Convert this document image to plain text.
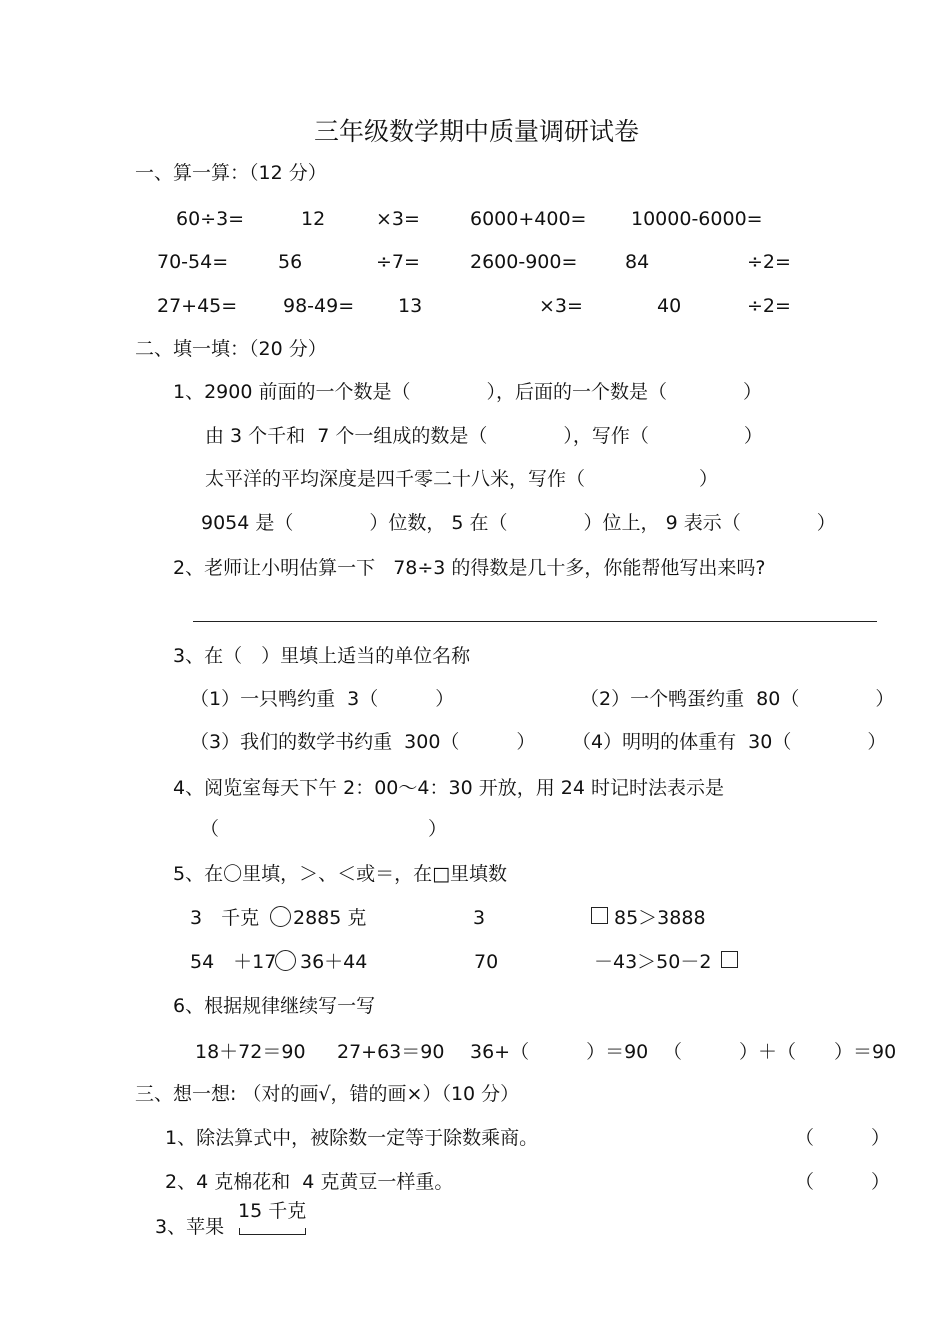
三年级数学期中质量调研试卷
一、算一算：（12 分）
60÷3=	12	×3=	6000+400= 10000-6000=
70-54=	56	÷7=	2600-900=	84	÷2=
27+45= 98-49= 13	×3=	40	÷2=
二、填一填：（20 分）
1、2900 前面的一个数是（　　　　），后面的一个数是（　　　　）
由 3 个千和  7 个一组成的数是（　　　　），写作（　　　　　）
太平洋的平均深度是四千零二十八米，写作（　　　　　　）
9054 是（　　　　）位数， 5 在（　　　　）位上， 9 表示（　　　　）
2、老师让小明估算一下   78÷3 的得数是几十多，你能帮他写出来吗?
3、在（　）里填上适当的单位名称
（1）一只鸭约重  3（　　　）	（2）一个鸭蛋约重  80（　　　　）
（3）我们的数学书约重  300（　　　） （4）明明的体重有  30（　　　　）
4、阅览室每天下午 2：00～4：30 开放，用 24 时记时法表示是
（　　　　　　　　　　　）
5、在〇里填，＞、＜或＝，在□里填数
3　千克 2885 克	3	85＞3888
54　＋17 36＋44	70	－43＞50－2
6、根据规律继续写一写
18＋72＝90 27+63＝90 36+（　　　）＝90 （　　　）＋（　　）＝90
三、想一想: （对的画√，错的画×）（10 分）
1、除法算式中，被除数一定等于除数乘商。	（　　　）
2、4 克棉花和  4 克黄豆一样重。	（　　　）
3、苹果
15 千克
